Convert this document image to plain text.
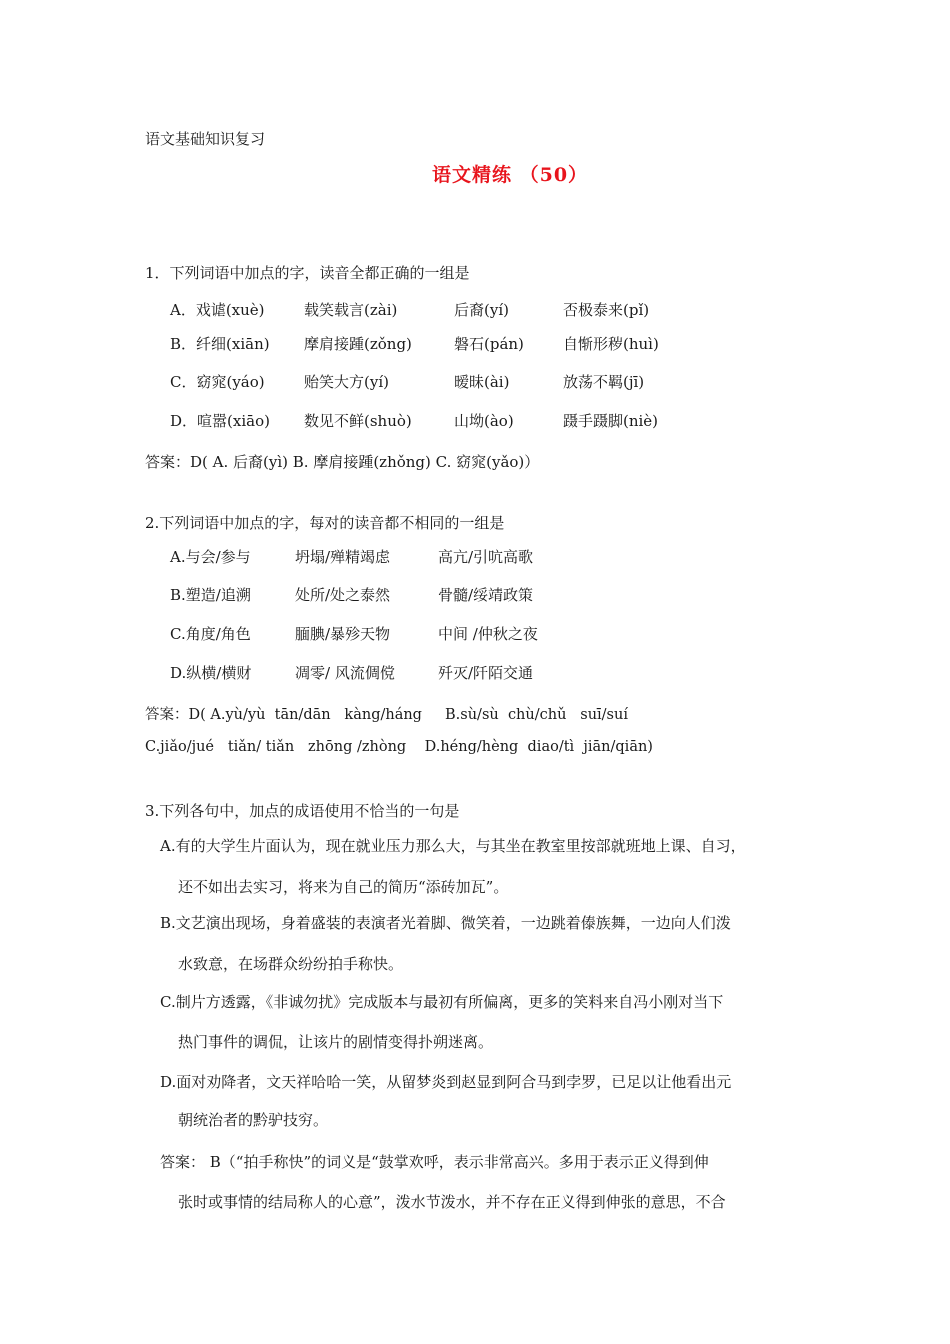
语文基础知识复习
语文精练 （50）
1．下列词语中加点的字，读音全都正确的一组是
A．戏谑(xuè)	载笑载言(zài)	后裔(yí)	否极泰来(pǐ)
B．纤细(xiān) 摩肩接踵(zǒng)	磐石(pán)	自惭形秽(huì)
C．窈窕(yáo)	贻笑大方(yí)	暧昧(ài)	放荡不羁(jī)
D．喧嚣(xiāo) 数见不鲜(shuò)	山坳(ào)	蹑手蹑脚(niè)
答案：D( A. 后裔(yì) B. 摩肩接踵(zhǒng) C. 窈窕(yǎo)）
2.下列词语中加点的字，每对的读音都不相同的一组是
A.与会/参与	坍塌/殚精竭虑	高亢/引吭高歌
B.塑造/追溯	处所/处之泰然	骨髓/绥靖政策
C.角度/角色	腼腆/暴殄天物	中间 /仲秋之夜
D.纵横/横财	凋零/ 风流倜傥	歼灭/阡陌交通
答案：D( A.yù/yù  tān/dān   kàng/háng     B.sù/sù  chù/chǔ   suī/suí
C.jiǎo/jué   tiǎn/ tiǎn   zhōng /zhòng    D.héng/hèng  diao/tì  jiān/qiān)
3.下列各句中，加点的成语使用不恰当的一句是
A.有的大学生片面认为，现在就业压力那么大，与其坐在教室里按部就班地上课、自习，
还不如出去实习，将来为自己的简历“添砖加瓦”。
B.文艺演出现场，身着盛装的表演者光着脚、微笑着，一边跳着傣族舞，一边向人们泼
水致意，在场群众纷纷拍手称快。
C.制片方透露，《非诚勿扰》完成版本与最初有所偏离，更多的笑料来自冯小刚对当下
热门事件的调侃，让该片的剧情变得扑朔迷离。
D.面对劝降者，文天祥哈哈一笑，从留梦炎到赵显到阿合马到孛罗，已足以让他看出元
朝统治者的黔驴技穷。
答案： B（“拍手称快”的词义是“鼓掌欢呼，表示非常高兴。多用于表示正义得到伸
张时或事情的结局称人的心意”，泼水节泼水，并不存在正义得到伸张的意思，不合
